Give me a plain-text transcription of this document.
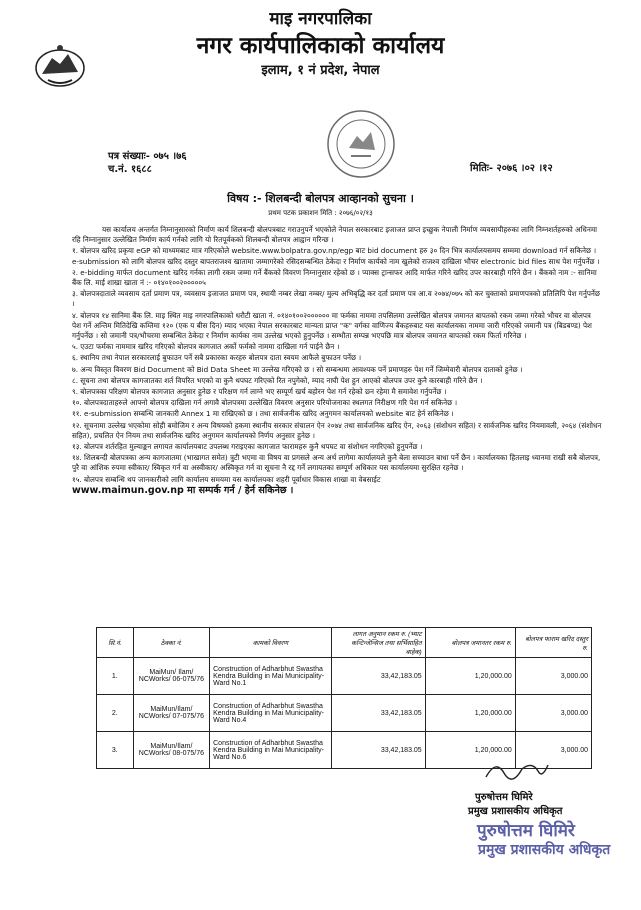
माइ नगरपालिका
नगर कार्यपालिकाको कार्यालय
इलाम, १ नं प्रदेश, नेपाल
पत्र संख्याः- ०७५ ।७६
च.नं. १६८८	मितिः- २०७६ ।०२ ।१२
विषय :- शिलबन्दी बोलपत्र आव्हानको सुचना ।
प्रथम पटक प्रकाशन मिति : २०७६/०२/१३

यस कार्यालय अन्तर्गत निम्नानुसारको निर्माण कार्य शिलबन्दी बोलपत्रबाट गराउनुपर्ने भएकोले नेपाल सरकारबाट इजाजत प्राप्त इच्छुक नेपाली निर्माण व्यवसायीहरुका लागि निम्नशर्तहरुको अधिनमा रहि निम्नानुसार उल्लेखित निर्माण कार्य गर्नको लागि यो रितपूर्वकको शिलबन्दी बोलपत्र आह्वान गरिन्छ ।

१. बोलपत्र खरिद प्रकृया eGP को माध्यमबाट मात्र गरिएकोले website.www.bolpatra.gov.np/egp बाट bid document हरु ३० दिन भित्र कार्यालयसमय सम्ममा download गर्न सकिनेछ । e-submission को लागि बोलपत्र खरिद दस्तुर बापतराजश्व खातामा जम्मागरेको रसिदसम्बन्धित ठेकेदा र निर्माण कार्यको नाम खुलेको राजश्व दाखिला भौचर electronic bid files साथ पेश गर्नुपर्नेछ ।

२. e-bidding मार्फत document खरिद गर्नका लागी रकम जम्मा गर्ने बैंकको विवरण निम्नानुसार रहेको छ । प्याक्स ट्रान्सफर आदि मार्फत गरिने खरिद उपर कारबाही गरिने छैन । बैंकको नाम :- सानिमा बैंक लि. माई शाखा खाता नं :- ०१४०१००२०००००५

३. बोलपत्रदाताले व्यवसाय दर्ता प्रमाण पत्र, व्यवसाय इजाजत प्रमाण पत्र, स्थायी नम्बर लेखा नम्बर/ मुल्य अभिबृद्धि कर दर्ता प्रमाण पत्र आ.व २०७४/०७५ को कर चुक्ताको प्रमाणपत्रको प्रतिलिपि पेश गर्नुपर्नेछ ।

४. बोलपत्र १४ सानिमा बैंक लि. माइ स्थित माइ नगरपालिकाको धरौटी खाता नं. ०१४०१००२०००००० मा फर्मका नाममा तपसिलमा उल्लेखित बोलपत्र जमानत बापतको रकम जम्मा गरेको भौचर वा बोलपत्र पेश गर्ने अन्तिम मितिदेखि कम्तिमा १२० (एक य बीस दिन) म्याद भएका नेपाल सरकारबाट मान्यता प्राप्त "क" वर्गका वाणिज्य बैंकहरुबाट यस कार्यालयका नाममा जारी गरिएको जमानी पत्र (बिडबण्ड) पेश गर्नुपर्नेछ । सो जमानी पत्र/भौचरमा सम्बन्धित ठेकेदा र निर्माण कार्यका नाम उल्लेख भएको हुनुपर्नेछ । सम्भौता सम्पन्न भएपछि मात्र बोलपत्र जमानत बापतको रकम फिर्ता गरिनेछ ।

५. एउटा फर्मका नाममात्र खरिद गरिएको बोलपत्र कागजात अर्को फर्मको नाममा दाखिला गर्न पाईने छैन ।

६. स्थानिय तथा नेपाल सरकारलाई बुफाउन पर्ने सबै प्रकारका करहरु बोलपत्र दाता स्वयम आफैले बुफाउन पर्नेछ ।

७. अन्य विस्तृत विवरण Bid Document को Bid Data Sheet मा उल्लेख गरिएको छ । सो सम्बन्धमा आवश्यक पर्ने प्रमाणहरु पेश गर्ने जिम्मेवारी बोलपत्र दाताको हुनेछ ।

८. सूचना तथा बोलपत्र कागजातका शर्त विपरित भएको वा कुनै थपघट गरिएको रित नपुगेको, म्याद नाघी पेश हुन आएको बोलपत्र उपर कुनै कारबाही गरिने छैन ।

९. बोलपत्रका परिक्षण बोलपत्र कागजात अनुसार हुनेछ र परिक्षण गर्न लाग्ने भए सम्पूर्ण खर्च बहोरन पेश गर्न रहेको छ्न रहेमा मै समावेश गर्नुपर्नेछ ।

१०. बोलपत्रदाताहरुले आफ्नो बोलपत्र दाखिला गर्न अगावै बोलपत्रमा उल्लेखित विवरण अनुसार परियोजनाका स्थलगत निरीक्षण गरि पेश गर्न सकिनेछ ।

११. e-submission सम्बन्धि जानकारी Annex 1 मा राखिएको छ । तथा सार्वजनीक खरिद अनुगमन कार्यालयको website बाट हेर्न सकिनेछ ।

१२. सूचनामा उल्लेख भएकोमा सोही बमोजिम र अन्य विषयको हकमा स्थानीय सरकार संचालन ऐन २०७४ तथा सार्वजनिक खरिद ऐन, २०६३ (संशोधन सहित) र सार्वजनिक खरिद नियमावली, २०६४ (संशोधन सहित), प्रचलित ऐन नियम तथा सार्वजनिक खरिद अनुगमन कार्यालयको निर्णय अनुसार हुनेछ ।

१३. बोलपत्र शर्तरहित मुल्याङ्कन लगायत कार्यालयबाट उपलब्ध गराइएका कागजात फारामहरु कुनै थपघट वा संशोधन नगरिएको हुनुपर्नेछ ।

१४. शिलबन्दी बोलपत्रका अन्य कागजातमा (भाखागत समेत) त्रुटी भएमा वा विषय वा प्रगसले अन्य अर्थ लागेमा कार्यालयले कुनै बेला सच्याउन बाधा पर्ने छैन । कार्यालयका हितलाइ ध्यानमा राखी सबै बोलपत्र, पुरै वा आंशिक रुपमा स्वीकार/ स्विकृत गर्न वा अस्वीकार/ अस्विकृत गर्न वा सूचना नै रद्द गर्ने लगायतका सम्पूर्ण अधिकार यस कार्यालयमा सुरक्षित रहनेछ ।

१५. बोलपत्र सम्बन्धि थप जानकारीको लागि कार्यालय समयमा यस कार्यालयका शहरी पूर्वाधार विकास शाखा वा वेबसाईट

www.maimun.gov.np मा सम्पर्क गर्न / हेर्न सकिनेछ ।

सि.नं.	ठेक्का नं.	कामको विवरण	लागत अनुमान रकम रु. (भ्याट कन्टिन्जेन्सिज तथा सर्भिसाहित बाहेक)	बोलपत्र जमानतर रकम रु.	बोलपत्र फाराम खरिद दस्तुर रु.
1.	MaiMun/ Ilam/ NCWorks/ 06-075/76	Construction of Adharbhut Swastha Kendra Building in Mai Municipality- Ward No.1	33,42,183.05	1,20,000.00	3,000.00
2.	MaiMun/Ilam/ NCWorks/ 07-075/76	Construction of Adharbhut Swastha Kendra Building in Mai Municipality- Ward No.4	33,42,183.05	1,20,000.00	3,000.00
3.	MaiMun/Ilam/ NCWorks/ 08-075/76	Construction of Adharbhut Swastha Kendra Building in Mai Municipality- Ward No.6	33,42,183.05	1,20,000.00	3,000.00
पुरुषोत्तम घिमिरे
प्रमुख प्रशासकीय अधिकृत
पुरुषोत्तम घिमिरे
प्रमुख प्रशासकीय अधिकृत
